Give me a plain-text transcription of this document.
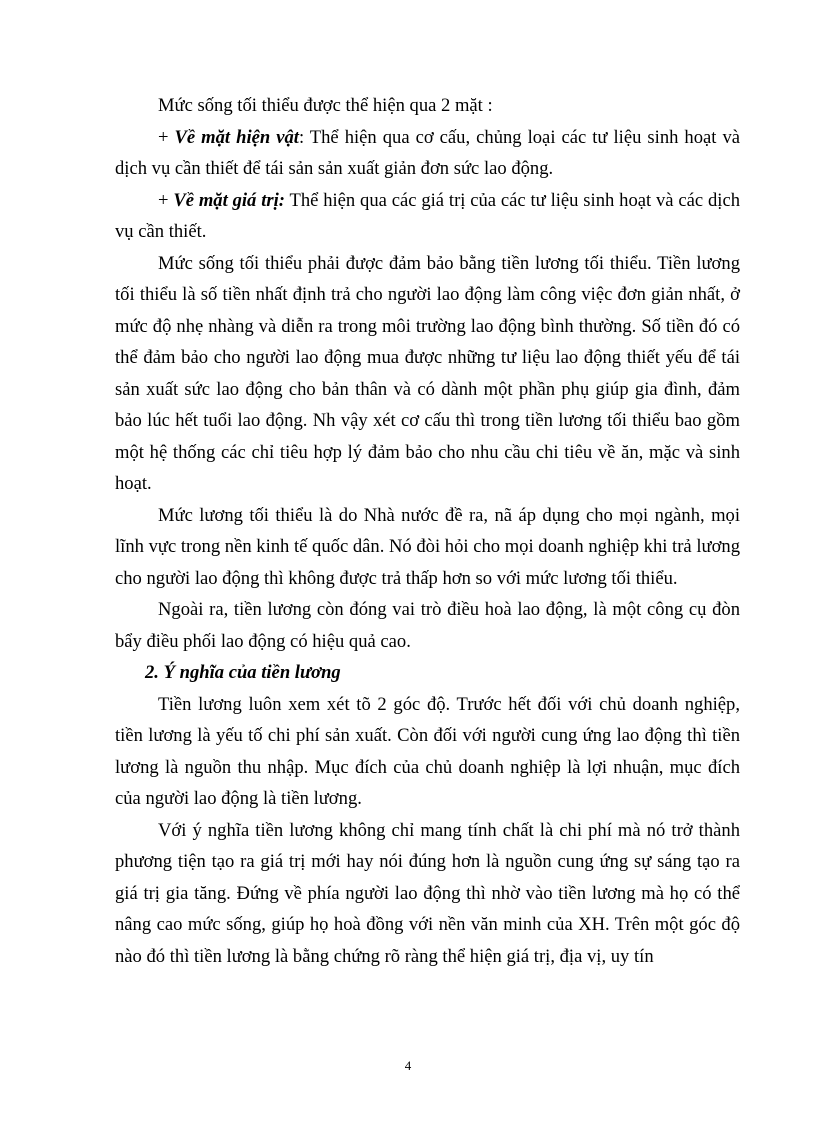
Mức sống tối thiểu được thể hiện qua 2 mặt :

+ Về mặt hiện vật: Thể hiện qua cơ cấu, chủng loại các tư liệu sinh hoạt và dịch vụ cần thiết để tái sản sản xuất giản đơn sức lao động.

+ Về mặt giá trị: Thể hiện qua các giá trị của các tư liệu sinh hoạt và các dịch vụ cần thiết.

Mức sống tối thiểu phải được đảm bảo bằng tiền lương tối thiểu. Tiền lương tối thiểu là số tiền nhất định trả cho người lao động làm công việc đơn giản nhất, ở mức độ nhẹ nhàng và diễn ra trong môi trường lao động bình thường. Số tiền đó có thể đảm bảo cho người lao động mua được những tư liệu lao động thiết yếu để tái sản xuất sức lao động cho bản thân và có dành một phần phụ giúp gia đình, đảm bảo lúc hết tuổi lao động. Nh vậy xét cơ cấu thì trong tiền lương tối thiểu bao gồm một hệ thống các chỉ tiêu hợp lý đảm bảo cho nhu cầu chi tiêu về ăn, mặc và sinh hoạt.

Mức lương tối thiểu là do Nhà nước đề ra, nã áp dụng cho mọi ngành, mọi lĩnh vực trong nền kinh tế quốc dân. Nó đòi hỏi cho mọi doanh nghiệp khi trả lương cho người lao động thì không được trả thấp hơn so với mức lương tối thiểu.

Ngoài ra, tiền lương còn đóng vai trò điều hoà lao động, là một công cụ đòn bẩy điều phối lao động có hiệu quả cao.

2. Ý nghĩa của tiền lương

Tiền lương luôn xem xét tõ 2 góc độ. Trước hết đối với chủ doanh nghiệp, tiền lương là yếu tố chi phí sản xuất. Còn đối với người cung ứng lao động thì tiền lương là nguồn thu nhập. Mục đích của chủ doanh nghiệp là lợi nhuận, mục đích của người lao động là tiền lương.

Với ý nghĩa tiền lương không chỉ mang tính chất là chi phí mà nó trở thành phương tiện tạo ra giá trị mới hay nói đúng hơn là nguồn cung ứng sự sáng tạo ra giá trị gia tăng. Đứng về phía người lao động thì nhờ vào tiền lương mà họ có thể nâng cao mức sống, giúp họ hoà đồng với nền văn minh của XH. Trên một góc độ nào đó thì tiền lương là bằng chứng rõ ràng thể hiện giá trị, địa vị, uy tín

4
